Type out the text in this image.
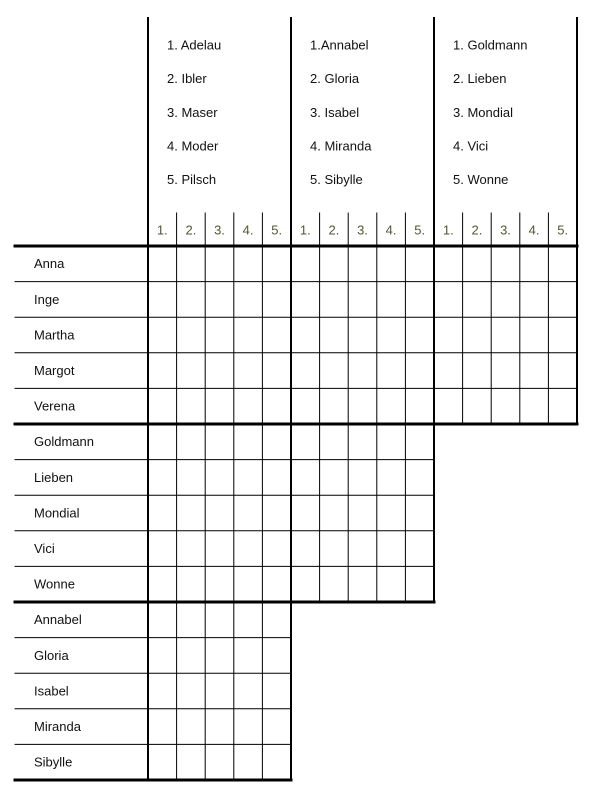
1. Adelau
2. Ibler
3. Maser
4. Moder
5. Pilsch
1. 2. 3. 4. 5.
1.Annabel
2. Gloria
3. Isabel
4. Miranda
5. Sibylle
1. 2. 3. 4. 5.
1. Goldmann
2. Lieben
3. Mondial
4. Vici
5. Wonne
1. 2. 3. 4. 5.
Anna
Inge
Martha
Margot
Verena
Goldmann
Lieben
Mondial
Vici
Wonne
Annabel
Gloria
Isabel
Miranda
Sibylle
